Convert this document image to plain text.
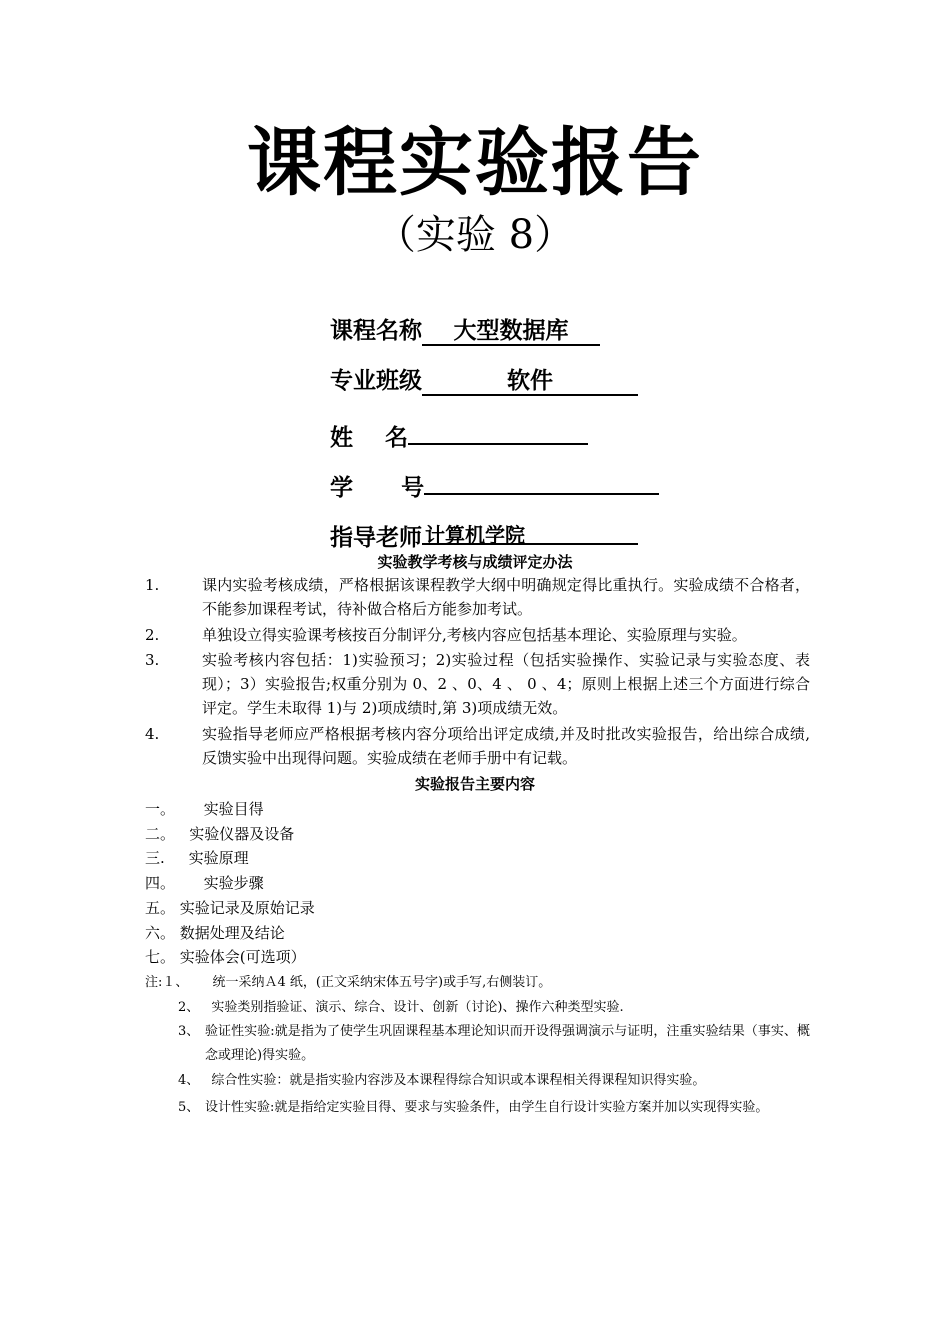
课程实验报告
（实验 8）

课程名称 大型数据库

专业班级	软件

姓    名

学      号

指导老师
计算机学院
实验教学考核与成绩评定办法
1.	课内实验考核成绩，严格根据该课程教学大纲中明确规定得比重执行。实验成绩不合格者，不能参加课程考试，待补做合格后方能参加考试。
2.	单独设立得实验课考核按百分制评分,考核内容应包括基本理论、实验原理与实验。
3.	实验考核内容包括：1)实验预习；2)实验过程（包括实验操作、实验记录与实验态度、表现）；3）实验报告;权重分别为 0、2 、0、4 、 0 、4；原则上根据上述三个方面进行综合评定。学生未取得 1)与 2)项成绩时,第 3)项成绩无效。
4.	实验指导老师应严格根据考核内容分项给出评定成绩,并及时批改实验报告，给出综合成绩,反馈实验中出现得问题。实验成绩在老师手册中有记载。
实验报告主要内容
一。      实验目得
二。   实验仪器及设备
三.     实验原理
四。      实验步骤
五。 实验记录及原始记录
六。 数据处理及结论
七。 实验体会(可选项）
注:１、 统一采纳Ａ4 纸，(正文采纳宋体五号字)或手写,右侧装订。
2、 实验类别指验证、演示、综合、设计、创新（讨论)、操作六种类型实验.
3、 验证性实验:就是指为了使学生巩固课程基本理论知识而开设得强调演示与证明，注重实验结果（事实、概念或理论)得实验。
4、 综合性实验：就是指实验内容涉及本课程得综合知识或本课程相关得课程知识得实验。
5、 设计性实验:就是指给定实验目得、要求与实验条件，由学生自行设计实验方案并加以实现得实验。
